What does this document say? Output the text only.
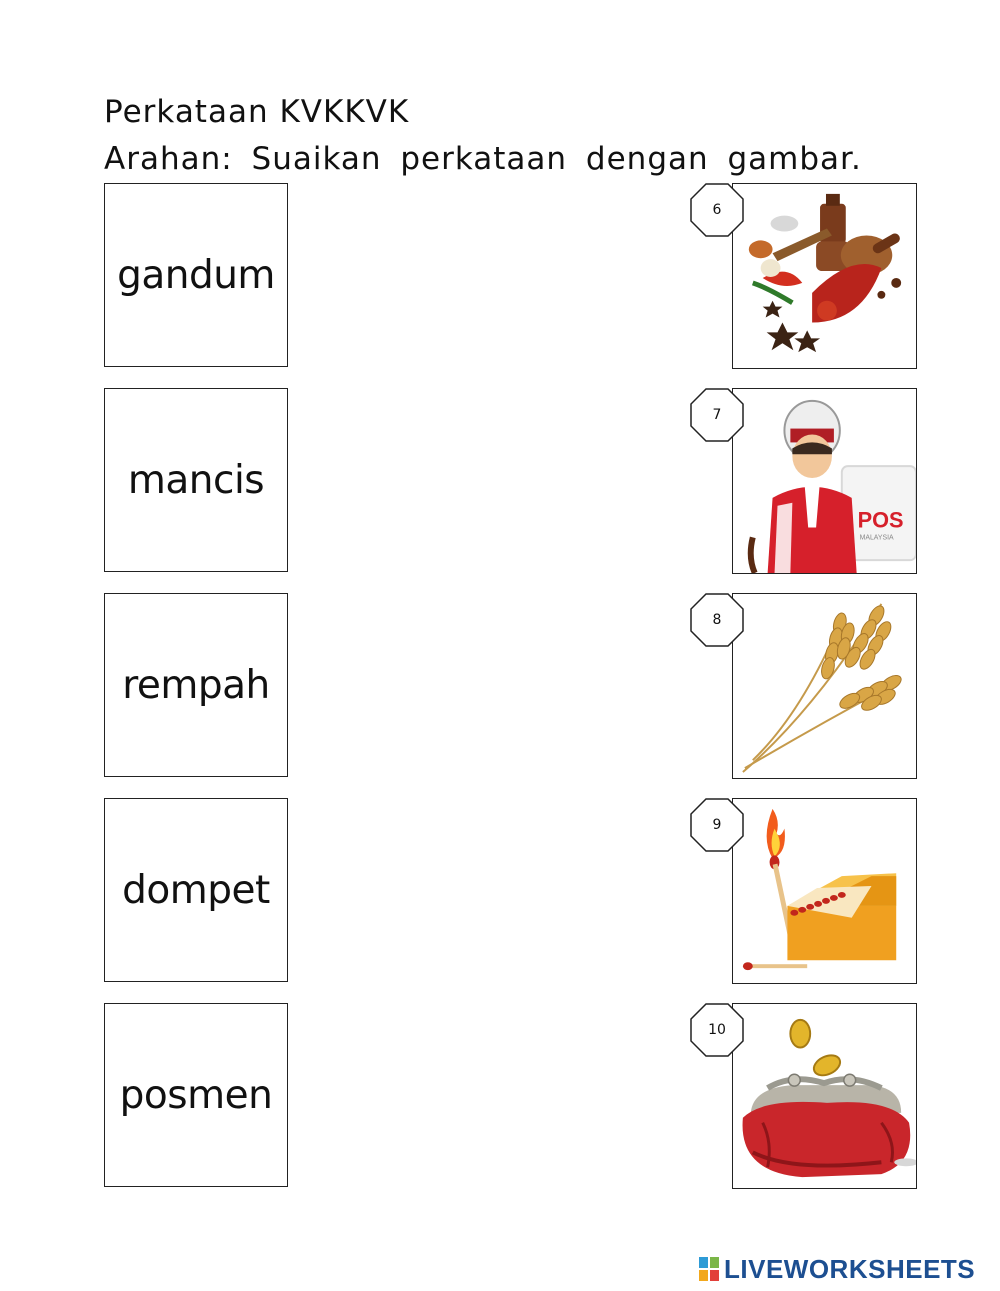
Perkataan KVKKVK

Arahan: Suaikan perkataan dengan gambar.

gandum
mancis
rempah
dompet
posmen
6
7
8
9
10
POS
MALAYSIA
LIVEWORKSHEETS
